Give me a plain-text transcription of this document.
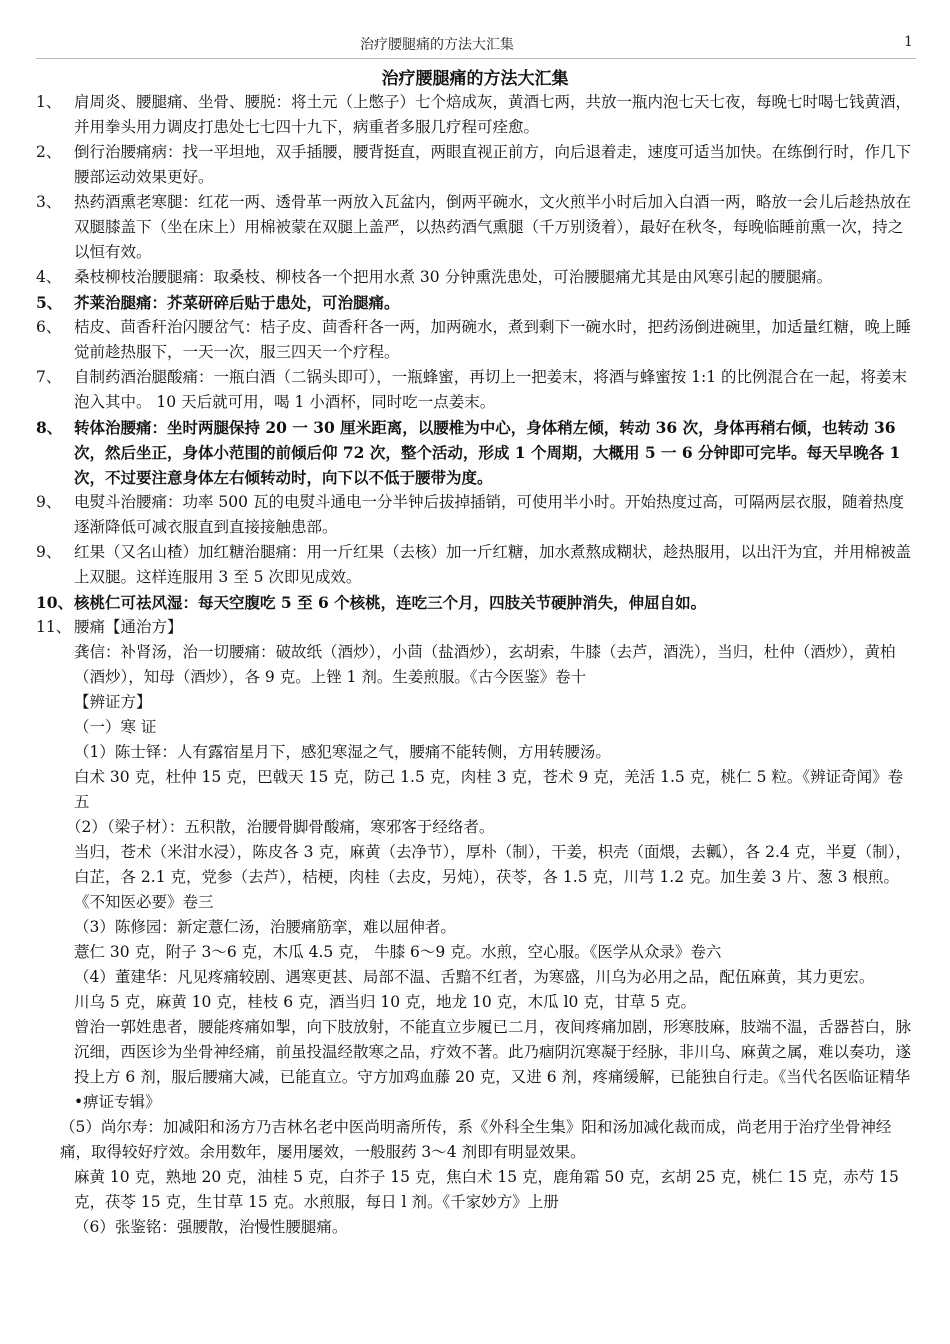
治疗腰腿痛的方法大汇集	1
治疗腰腿痛的方法大汇集

1、 肩周炎、腰腿痛、坐骨、腰脱：将土元（上憋子）七个焙成灰，黄酒七两，共放一瓶内泡七天七夜，每晚七时喝七钱黄酒，并用拳头用力调皮打患处七七四十九下，病重者多服几疗程可痊愈。

2、 倒行治腰痛病：找一平坦地，双手插腰，腰背挺直，两眼直视正前方，向后退着走，速度可适当加快。在练倒行时，作几下腰部运动效果更好。

3、 热药酒熏老寒腿：红花一两、透骨革一两放入瓦盆内，倒两平碗水，文火煎半小时后加入白酒一两，略放一会儿后趁热放在双腿膝盖下（坐在床上）用棉被蒙在双腿上盖严，以热药酒气熏腿（千万别烫着），最好在秋冬，每晚临睡前熏一次，持之以恒有效。

4、 桑枝柳枝治腰腿痛：取桑枝、柳枝各一个把用水煮 30 分钟熏洗患处，可治腰腿痛尤其是由风寒引起的腰腿痛。

5、 芥莱治腿痛：芥菜研碎后贴于患处，可治腿痛。

6、 桔皮、茴香秆治闪腰岔气：桔子皮、茴香秆各一两，加两碗水，煮到剩下一碗水时，把药汤倒进碗里，加适量红糖，晚上睡觉前趁热服下，一天一次，服三四天一个疗程。

7、 自制药酒治腿酸痛：一瓶白酒（二锅头即可），一瓶蜂蜜，再切上一把姜末，将酒与蜂蜜按 1:1 的比例混合在一起，将姜末泡入其中。 10 天后就可用，喝 1 小酒杯，同时吃一点姜末。

8、 转体治腰痛：坐时两腿保持 20 一 30 厘米距离，以腰椎为中心，身体稍左倾，转动 36 次，身体再稍右倾，也转动 36 次，然后坐正，身体小范围的前倾后仰 72 次，整个活动，形成 1 个周期，大概用 5 一 6 分钟即可完毕。每天早晚各 1 次，不过要注意身体左右倾转动时，向下以不低于腰带为度。

9、 电熨斗治腰痛：功率 500 瓦的电熨斗通电一分半钟后拔掉插销，可使用半小时。开始热度过高，可隔两层衣服，随着热度逐渐降低可减衣服直到直接接触患部。

9、 红果（又名山楂）加红糖治腿痛：用一斤红果（去核）加一斤红糖，加水煮熬成糊状，趁热服用，以出汗为宜，并用棉被盖上双腿。这样连服用 3 至 5 次即见成效。

10、 核桃仁可祛风湿：每天空腹吃 5 至 6 个核桃，连吃三个月，四肢关节硬肿消失，伸屈自如。

11、 腰痛【通治方】

龚信：补肾汤，治一切腰痛：破故纸（酒炒），小茴（盐酒炒），玄胡索，牛膝（去芦，酒洗），当归，杜仲（酒炒），黄柏（酒炒），知母（酒炒），各 9 克。上锉 1 剂。生姜煎服。《古今医鉴》卷十

【辨证方】

（一）寒 证

（1）陈士铎：人有露宿星月下，感犯寒湿之气，腰痛不能转侧，方用转腰汤。

白术 30 克，杜仲 15 克，巴戟天 15 克，防己 1.5 克，肉桂 3 克，苍术 9 克，羌活 1.5 克，桃仁 5 粒。《辨证奇闻》卷五

（2）（梁子材）：五积散，治腰骨脚骨酸痛，寒邪客于经络者。

当归，苍术（米泔水浸），陈皮各 3 克，麻黄（去净节），厚朴（制），干姜，枳壳（面煨，去瓤），各 2.4 克，半夏（制），白芷，各 2.1 克，党参（去芦），桔梗，肉桂（去皮，另炖），茯苓，各 1.5 克，川芎 1.2 克。加生姜 3 片、葱 3 根煎。 《不知医必要》卷三

（3）陈修园：新定薏仁汤，治腰痛筋挛，难以屈伸者。

薏仁 30 克，附子 3～6 克，木瓜 4.5 克， 牛膝 6～9 克。水煎，空心服。《医学从众录》卷六

（4）董建华：凡见疼痛较剧、遇寒更甚、局部不温、舌黯不红者，为寒盛，川乌为必用之品，配伍麻黄，其力更宏。

川乌 5 克，麻黄 10 克，桂枝 6 克，酒当归 10 克，地龙 10 克，木瓜 l0 克，甘草 5 克。

曾治一郭姓患者，腰能疼痛如掣，向下肢放射，不能直立步履已二月，夜间疼痛加剧，形寒肢麻，肢端不温，舌器苔白，脉沉细，西医诊为坐骨神经痛，前虽投温经散寒之品，疗效不著。此乃痼阴沉寒凝于经脉，非川乌、麻黄之属，难以奏功，遂投上方 6 剂，服后腰痛大减，已能直立。守方加鸡血藤 20 克，又进 6 剂，疼痛缓解，已能独自行走。《当代名医临证精华•痹证专辑》

（5）尚尔寿：加减阳和汤方乃吉林名老中医尚明斋所传，系《外科全生集》阳和汤加减化裁而成，尚老用于治疗坐骨神经痛，取得较好疗效。余用数年，屡用屡效，一般服药 3～4 剂即有明显效果。

麻黄 10 克，熟地 20 克，油桂 5 克，白芥子 15 克，焦白术 15 克，鹿角霜 50 克，玄胡 25 克，桃仁 15 克，赤芍 15 克，茯苓 15 克，生甘草 15 克。水煎服，每日 l 剂。《千家妙方》上册

（6）张鉴铭：强腰散，治慢性腰腿痛。
